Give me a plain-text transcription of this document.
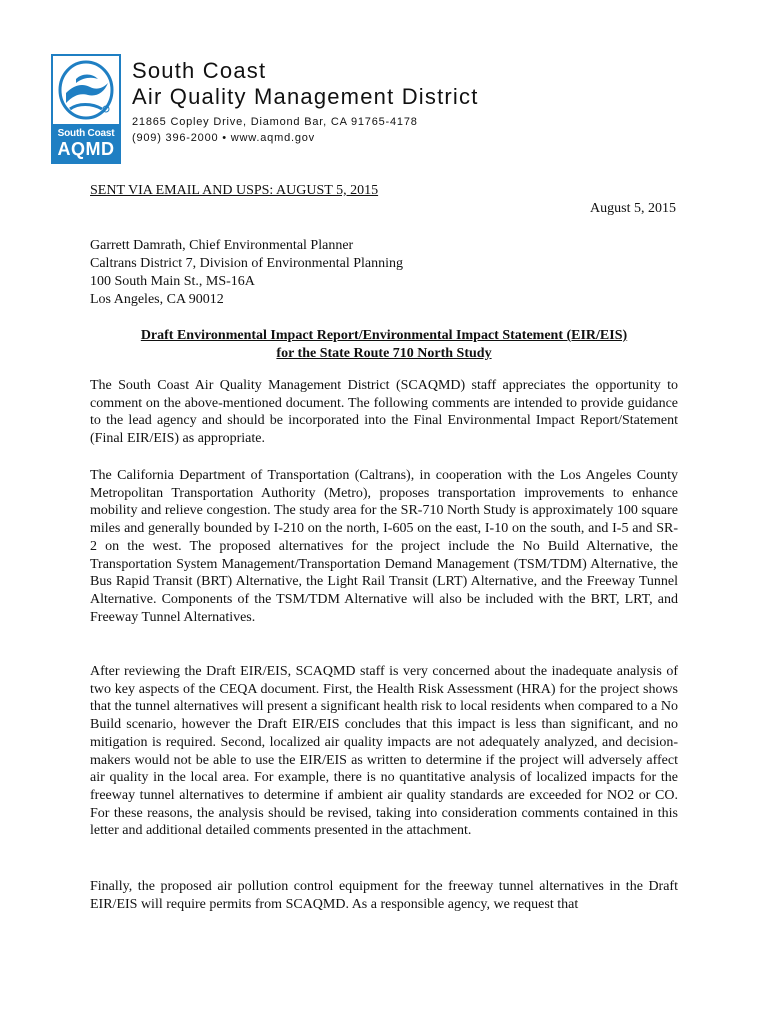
South Coast
AQMD
South Coast
Air Quality Management District
21865 Copley Drive, Diamond Bar, CA 91765-4178
(909) 396-2000 • www.aqmd.gov
SENT VIA EMAIL AND USPS: AUGUST 5, 2015
August 5, 2015
Garrett Damrath, Chief Environmental Planner
Caltrans District 7, Division of Environmental Planning
100 South Main St., MS-16A
Los Angeles, CA 90012
Draft Environmental Impact Report/Environmental Impact Statement (EIR/EIS)
for the State Route 710 North Study

The South Coast Air Quality Management District (SCAQMD) staff appreciates the opportunity to comment on the above-mentioned document. The following comments are intended to provide guidance to the lead agency and should be incorporated into the Final Environmental Impact Report/Statement (Final EIR/EIS) as appropriate.

The California Department of Transportation (Caltrans), in cooperation with the Los Angeles County Metropolitan Transportation Authority (Metro), proposes transportation improvements to enhance mobility and relieve congestion. The study area for the SR-710 North Study is approximately 100 square miles and generally bounded by I-210 on the north, I-605 on the east, I-10 on the south, and I-5 and SR-2 on the west. The proposed alternatives for the project include the No Build Alternative, the Transportation System Management/Transportation Demand Management (TSM/TDM) Alternative, the Bus Rapid Transit (BRT) Alternative, the Light Rail Transit (LRT) Alternative, and the Freeway Tunnel Alternative. Components of the TSM/TDM Alternative will also be included with the BRT, LRT, and Freeway Tunnel Alternatives.

After reviewing the Draft EIR/EIS, SCAQMD staff is very concerned about the inadequate analysis of two key aspects of the CEQA document. First, the Health Risk Assessment (HRA) for the project shows that the tunnel alternatives will present a significant health risk to local residents when compared to a No Build scenario, however the Draft EIR/EIS concludes that this impact is less than significant, and no mitigation is required. Second, localized air quality impacts are not adequately analyzed, and decision-makers would not be able to use the EIR/EIS as written to determine if the project will adversely affect air quality in the local area. For example, there is no quantitative analysis of localized impacts for the freeway tunnel alternatives to determine if ambient air quality standards are exceeded for NO2 or CO. For these reasons, the analysis should be revised, taking into consideration comments contained in this letter and additional detailed comments presented in the attachment.

Finally, the proposed air pollution control equipment for the freeway tunnel alternatives in the Draft EIR/EIS will require permits from SCAQMD. As a responsible agency, we request that
